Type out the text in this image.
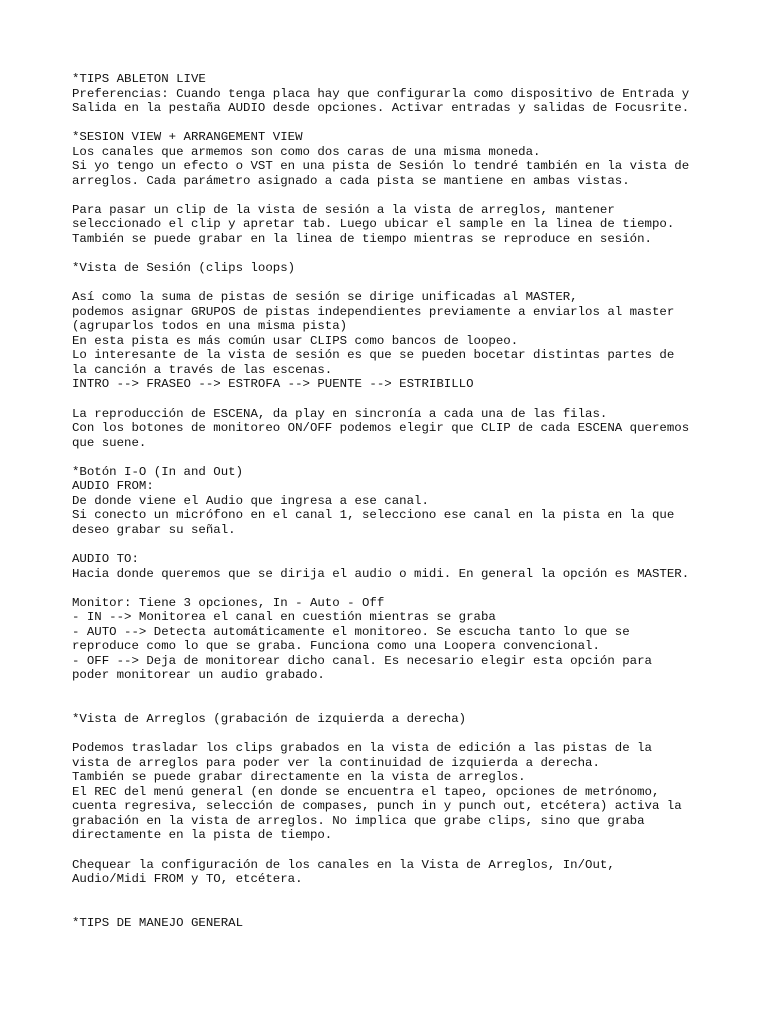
*TIPS ABLETON LIVE
Preferencias: Cuando tenga placa hay que configurarla como dispositivo de Entrada y
Salida en la pestaña AUDIO desde opciones. Activar entradas y salidas de Focusrite.
*SESION VIEW + ARRANGEMENT VIEW
Los canales que armemos son como dos caras de una misma moneda.
Si yo tengo un efecto o VST en una pista de Sesión lo tendré también en la vista de
arreglos. Cada parámetro asignado a cada pista se mantiene en ambas vistas.
Para pasar un clip de la vista de sesión a la vista de arreglos, mantener
seleccionado el clip y apretar tab. Luego ubicar el sample en la linea de tiempo.
También se puede grabar en la linea de tiempo mientras se reproduce en sesión.
*Vista de Sesión (clips loops)
Así como la suma de pistas de sesión se dirige unificadas al MASTER,
podemos asignar GRUPOS de pistas independientes previamente a enviarlos al master
(agruparlos todos en una misma pista)
En esta pista es más común usar CLIPS como bancos de loopeo.
Lo interesante de la vista de sesión es que se pueden bocetar distintas partes de
la canción a través de las escenas.
INTRO --> FRASEO --> ESTROFA --> PUENTE --> ESTRIBILLO
La reproducción de ESCENA, da play en sincronía a cada una de las filas.
Con los botones de monitoreo ON/OFF podemos elegir que CLIP de cada ESCENA queremos
que suene.
*Botón I-O (In and Out)
AUDIO FROM:
De donde viene el Audio que ingresa a ese canal.
Si conecto un micrófono en el canal 1, selecciono ese canal en la pista en la que
deseo grabar su señal.
AUDIO TO:
Hacia donde queremos que se dirija el audio o midi. En general la opción es MASTER.
Monitor: Tiene 3 opciones, In - Auto - Off
- IN --> Monitorea el canal en cuestión mientras se graba
- AUTO --> Detecta automáticamente el monitoreo. Se escucha tanto lo que se
reproduce como lo que se graba. Funciona como una Loopera convencional.
- OFF --> Deja de monitorear dicho canal. Es necesario elegir esta opción para
poder monitorear un audio grabado.
*Vista de Arreglos (grabación de izquierda a derecha)
Podemos trasladar los clips grabados en la vista de edición a las pistas de la
vista de arreglos para poder ver la continuidad de izquierda a derecha.
También se puede grabar directamente en la vista de arreglos.
El REC del menú general (en donde se encuentra el tapeo, opciones de metrónomo,
cuenta regresiva, selección de compases, punch in y punch out, etcétera) activa la
grabación en la vista de arreglos. No implica que grabe clips, sino que graba
directamente en la pista de tiempo.
Chequear la configuración de los canales en la Vista de Arreglos, In/Out,
Audio/Midi FROM y TO, etcétera.
*TIPS DE MANEJO GENERAL
